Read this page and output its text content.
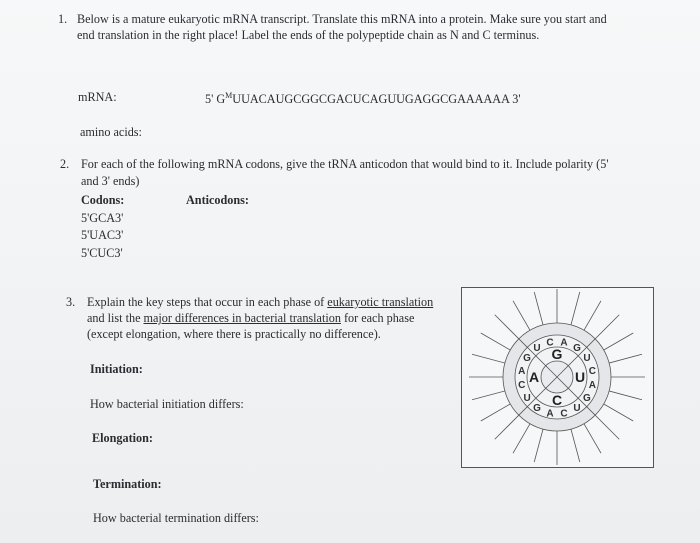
1. Below is a mature eukaryotic mRNA transcript. Translate this mRNA into a protein. Make sure you start and
end translation in the right place! Label the ends of the polypeptide chain as N and C terminus.
mRNA:	5' $G^MUUACAUGCGGCGACUCAGUUGAGGCGAAAAAA$ 3'
amino acids:
2. For each of the following mRNA codons, give the tRNA anticodon that would bind to it. Include polarity (5'
and 3' ends)
Codons:	Anticodons:
5'GCA3'
5'UAC3'
5'CUC3'
3. Explain the key steps that occur in each phase of eukaryotic translation
and list the major differences in bacterial translation for each phase
(except elongation, where there is practically no difference).
Initiation:
How bacterial initiation differs:
Elongation:
Termination:
How bacterial termination differs:
G
U
C
A
A G
U
C
A
G
U
C
A
G
U
C
A
G
U C
